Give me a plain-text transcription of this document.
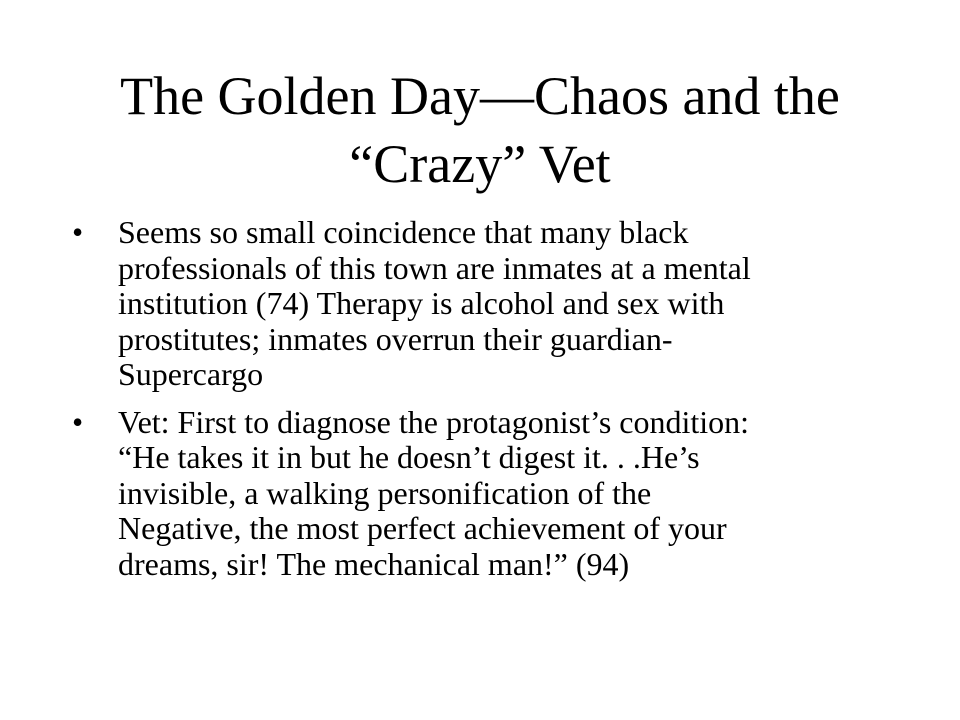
The Golden Day—Chaos and the
“Crazy” Vet
• Seems so small coincidence that many black
professionals of this town are inmates at a mental
institution (74) Therapy is alcohol and sex with
prostitutes; inmates overrun their guardian-
Supercargo
• Vet: First to diagnose the protagonist’s condition:
“He takes it in but he doesn’t digest it. . .He’s
invisible, a walking personification of the
Negative, the most perfect achievement of your
dreams, sir! The mechanical man!” (94)
